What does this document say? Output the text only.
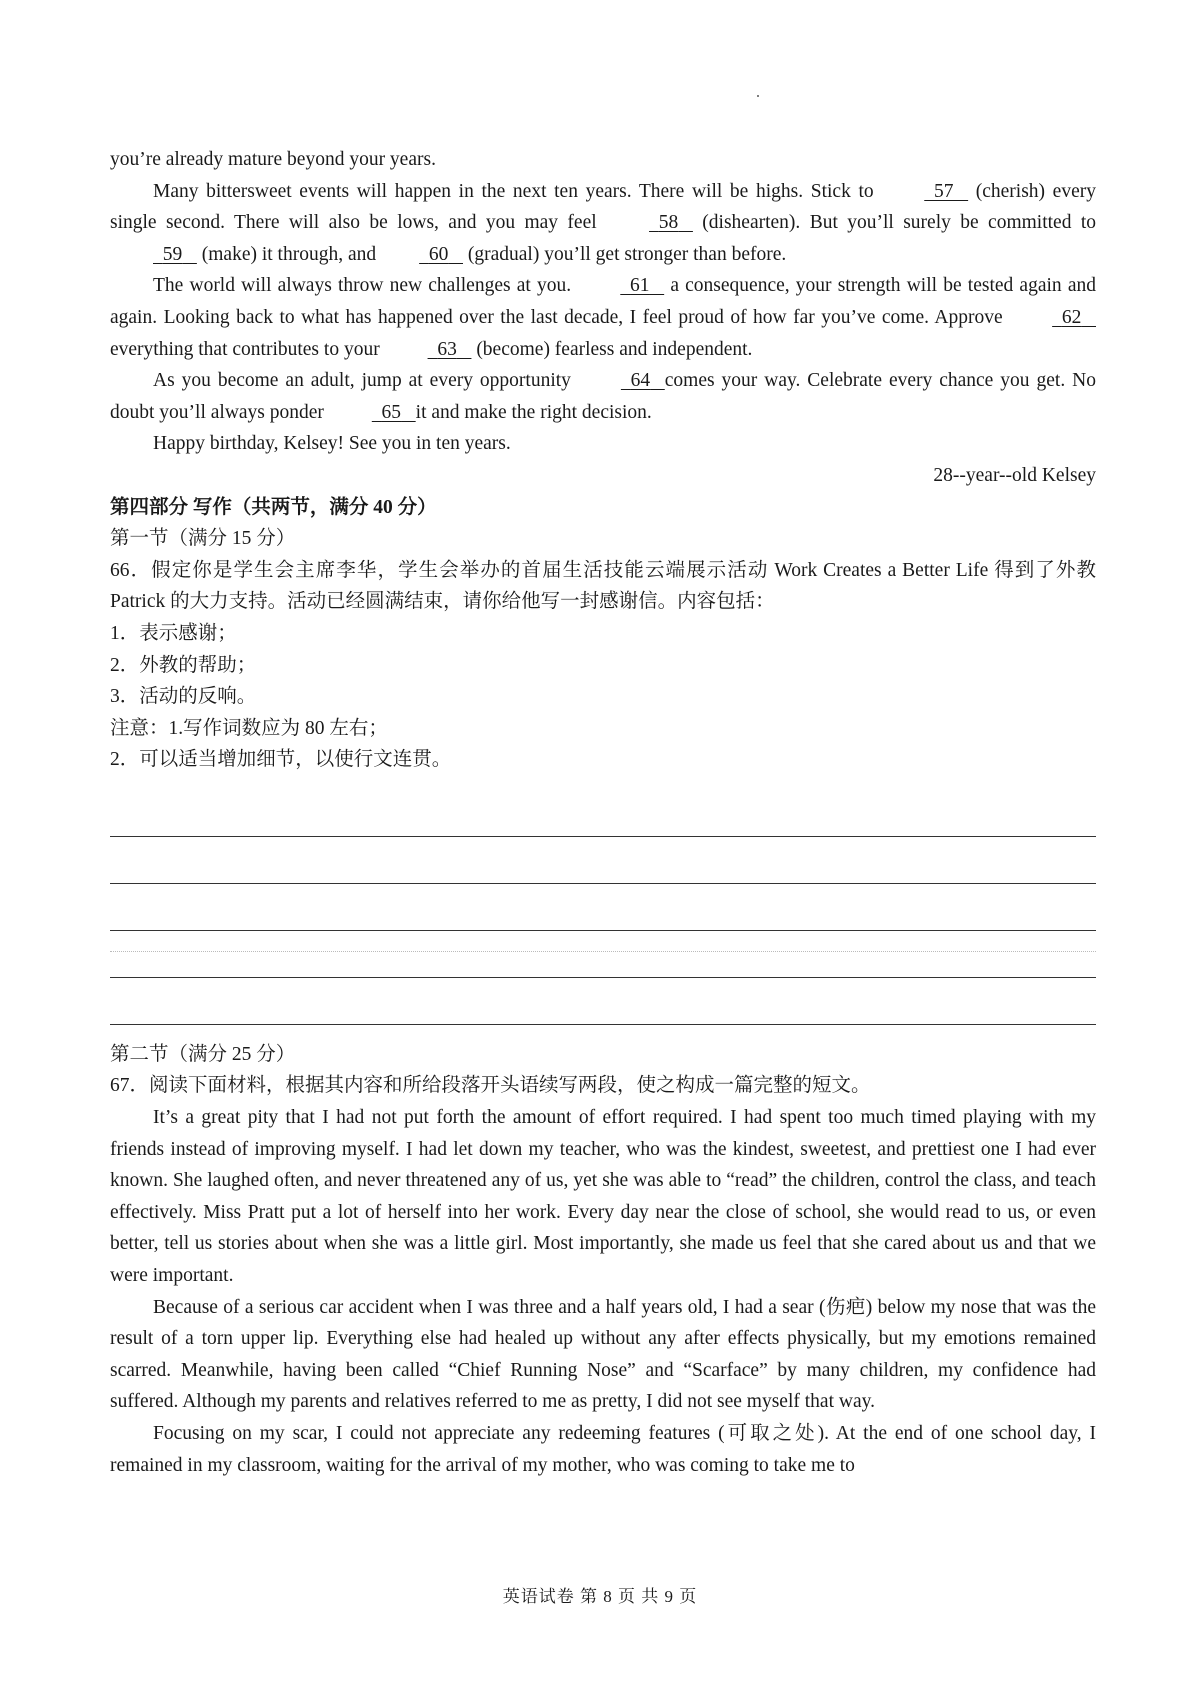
you’re already mature beyond your years.

Many bittersweet events will happen in the next ten years. There will be highs. Stick to	57    (cherish) every single second. There will also be lows, and you may feel	58    (dishearten). But you’ll surely be committed to   59    (make) it through, and	60    (gradual) you’ll get stronger than before.

The world will always throw new challenges at you.	61    a consequence, your strength will be tested again and again. Looking back to what has happened over the last decade, I feel proud of how far you’ve come. Approve	62    everything that contributes to your	63    (become) fearless and independent.

As you become an adult, jump at every opportunity	64 comes your way. Celebrate every chance you get. No doubt you’ll always ponder	65 it and make the right decision.

Happy birthday, Kelsey! See you in ten years.

28--year--old Kelsey

第四部分 写作（共两节，满分 40 分）

第一节（满分 15 分）

66．假定你是学生会主席李华，学生会举办的首届生活技能云端展示活动 Work Creates a Better Life 得到了外教 Patrick 的大力支持。活动已经圆满结束，请你给他写一封感谢信。内容包括：

1．表示感谢；

2．外教的帮助；

3．活动的反响。

注意：1.写作词数应为 80 左右；

2．可以适当增加细节，以使行文连贯。

第二节（满分 25 分）

67．阅读下面材料，根据其内容和所给段落开头语续写两段，使之构成一篇完整的短文。

It’s a great pity that I had not put forth the amount of effort required. I had spent too much timed playing with my friends instead of improving myself. I had let down my teacher, who was the kindest, sweetest, and prettiest one I had ever known. She laughed often, and never threatened any of us, yet she was able to “read” the children, control the class, and teach effectively. Miss Pratt put a lot of herself into her work. Every day near the close of school, she would read to us, or even better, tell us stories about when she was a little girl. Most importantly, she made us feel that she cared about us and that we were important.

Because of a serious car accident when I was three and a half years old, I had a sear (伤疤) below my nose that was the result of a torn upper lip. Everything else had healed up without any after effects physically, but my emotions remained scarred. Meanwhile, having been called “Chief Running Nose” and “Scarface” by many children, my confidence had suffered. Although my parents and relatives referred to me as pretty, I did not see myself that way.

Focusing on my scar, I could not appreciate any redeeming features (可取之处). At the end of one school day, I remained in my classroom, waiting for the arrival of my mother, who was coming to take me to

英语试卷 第 8 页 共 9 页
